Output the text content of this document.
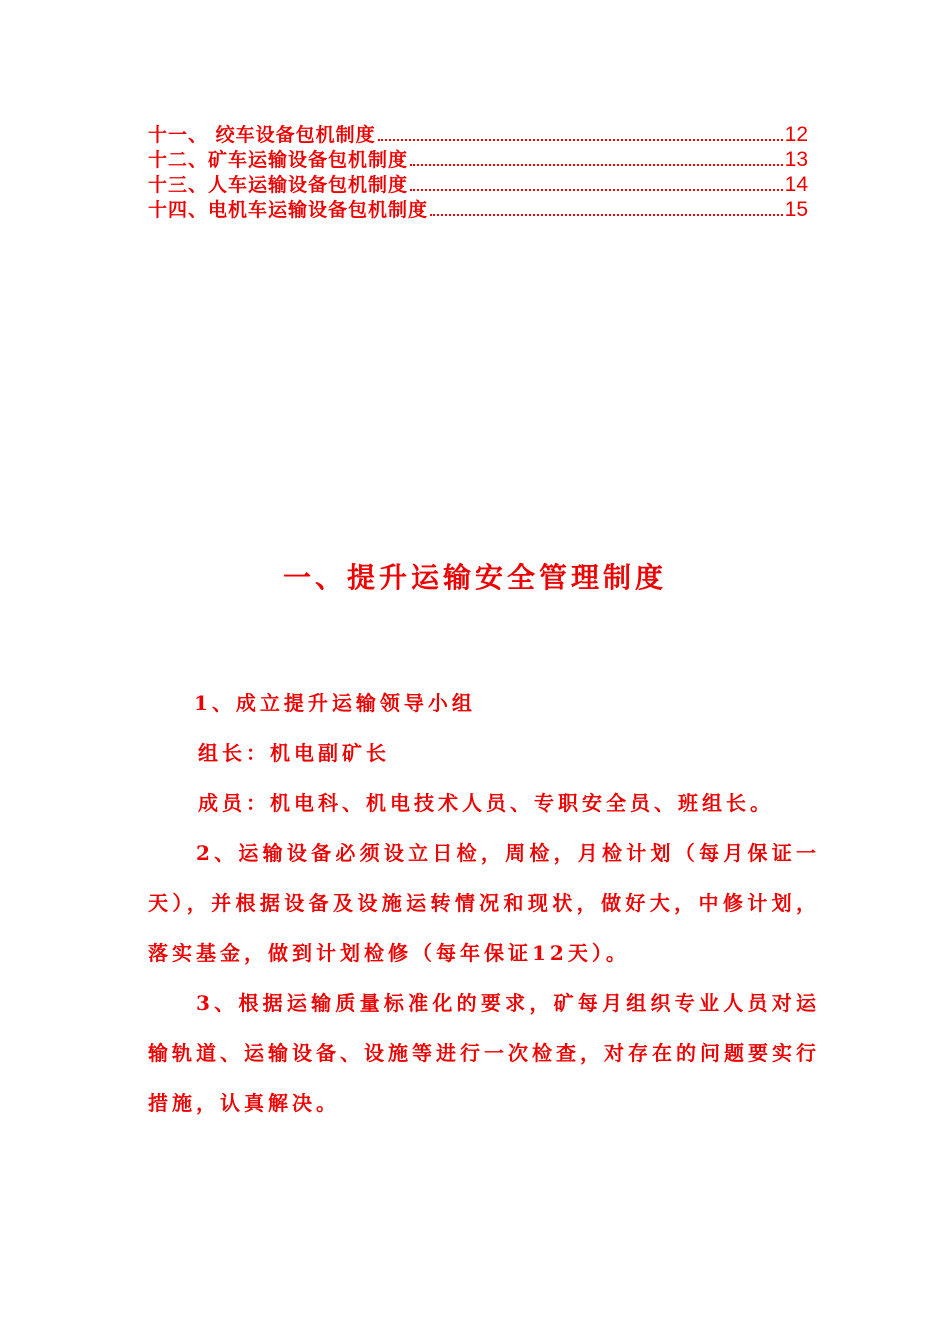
十一、 绞车设备包机制度	12
十二、矿车运输设备包机制度	13
十三、人车运输设备包机制度	14
十四、电机车运输设备包机制度	15
一、提升运输安全管理制度

1、成立提升运输领导小组

组长：机电副矿长

成员：机电科、机电技术人员、专职安全员、班组长。

2、运输设备必须设立日检，周检，月检计划（每月保证一天），并根据设备及设施运转情况和现状，做好大，中修计划，落实基金，做到计划检修（每年保证12天）。

3、根据运输质量标准化的要求，矿每月组织专业人员对运输轨道、运输设备、设施等进行一次检查，对存在的问题要实行措施，认真解决。
